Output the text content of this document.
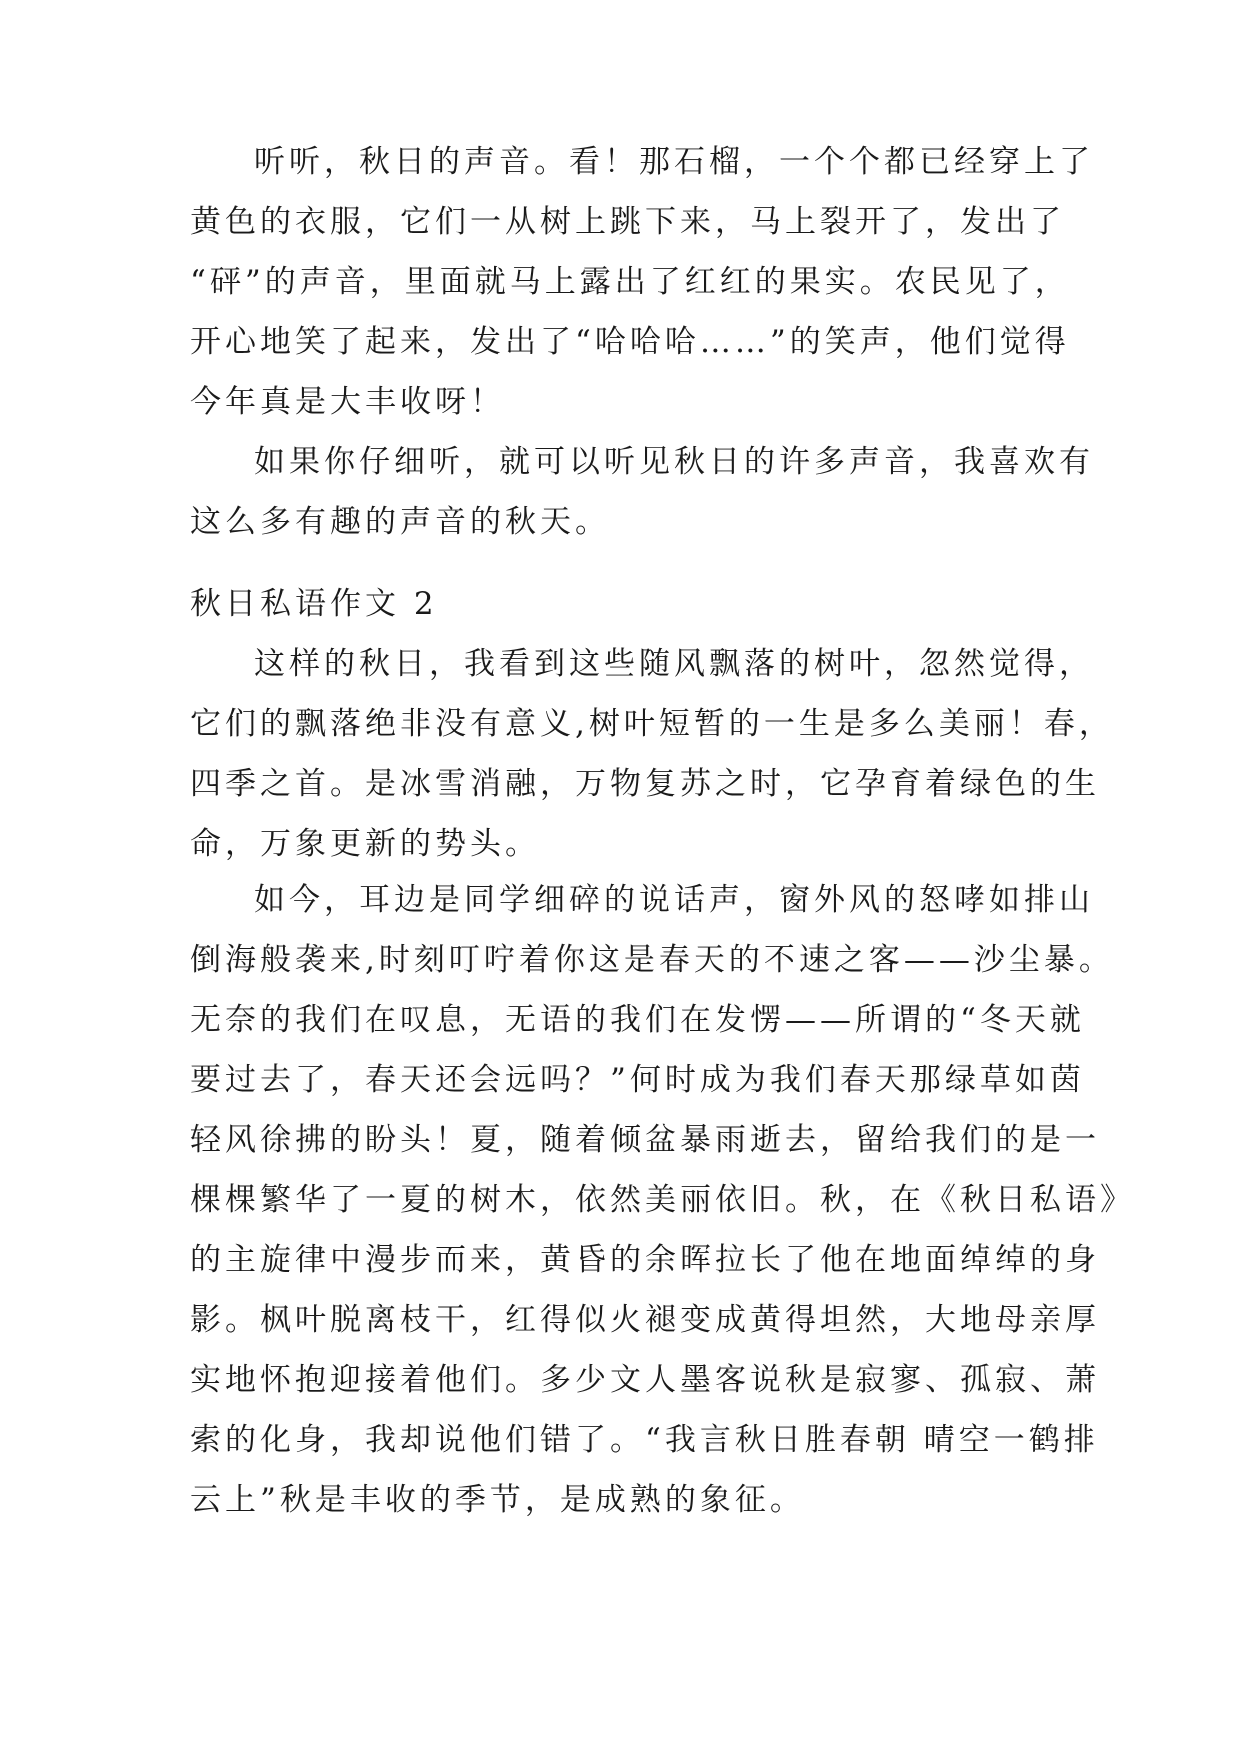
听听，秋日的声音。看！那石榴，一个个都已经穿上了
黄色的衣服，它们一从树上跳下来，马上裂开了，发出了
“砰”的声音，里面就马上露出了红红的果实。农民见了，
开心地笑了起来，发出了“哈哈哈……”的笑声，他们觉得
今年真是大丰收呀！
如果你仔细听，就可以听见秋日的许多声音，我喜欢有
这么多有趣的声音的秋天。
秋日私语作文 2
这样的秋日，我看到这些随风飘落的树叶，忽然觉得，
它们的飘落绝非没有意义,树叶短暂的一生是多么美丽！春，
四季之首。是冰雪消融，万物复苏之时，它孕育着绿色的生
命，万象更新的势头。
如今，耳边是同学细碎的说话声，窗外风的怒哮如排山
倒海般袭来,时刻叮咛着你这是春天的不速之客——沙尘暴。
无奈的我们在叹息，无语的我们在发愣——所谓的“冬天就
要过去了，春天还会远吗？”何时成为我们春天那绿草如茵
轻风徐拂的盼头！夏，随着倾盆暴雨逝去，留给我们的是一
棵棵繁华了一夏的树木，依然美丽依旧。秋，在《秋日私语》
的主旋律中漫步而来，黄昏的余晖拉长了他在地面绰绰的身
影。枫叶脱离枝干，红得似火褪变成黄得坦然，大地母亲厚
实地怀抱迎接着他们。多少文人墨客说秋是寂寥、孤寂、萧
索的化身，我却说他们错了。“我言秋日胜春朝 晴空一鹤排
云上”秋是丰收的季节，是成熟的象征。
